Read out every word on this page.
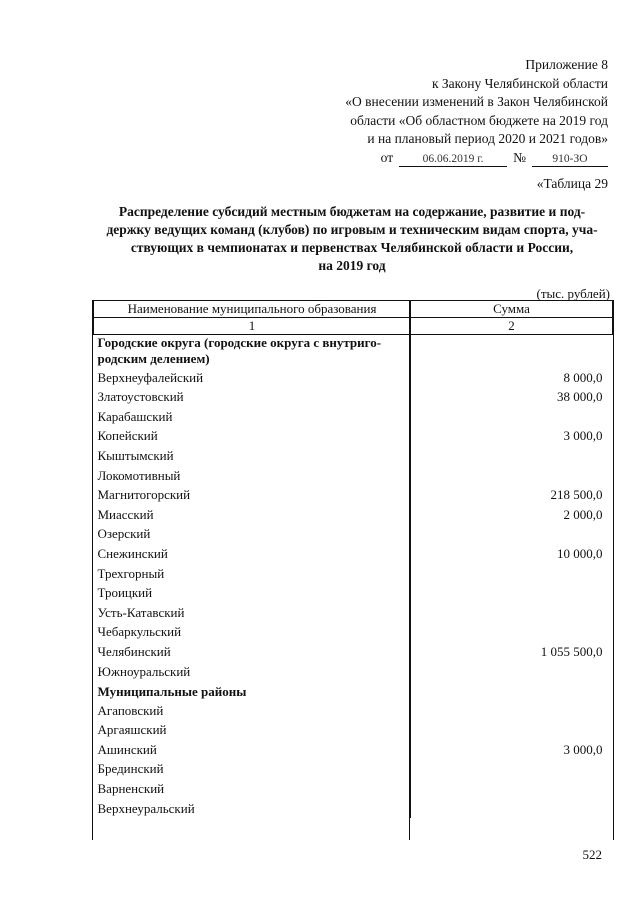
Приложение 8
к Закону Челябинской области
«О внесении изменений в Закон Челябинской
области «Об областном бюджете на 2019 год
и на плановый период 2020 и 2021 годов»
от	06.06.2019 г.	№	910-ЗО
«Таблица 29
Распределение субсидий местным бюджетам на содержание, развитие и под-
держку ведущих команд (клубов) по игровым и техническим видам спорта, уча-
ствующих в чемпионатах и первенствах Челябинской области и России,
на 2019 год
(тыс. рублей)
Наименование муниципального образования	Сумма
1	2
Городские округа (городские округа с внутриго-
родским делением)	
Верхнеуфалейский	8 000,0
Златоустовский	38 000,0
Карабашский	
Копейский	3 000,0
Кыштымский	
Локомотивный	
Магнитогорский	218 500,0
Миасский	2 000,0
Озерский	
Снежинский	10 000,0
Трехгорный	
Троицкий	
Усть-Катавский	
Чебаркульский	
Челябинский	1 055 500,0
Южноуральский	
Муниципальные районы	
Агаповский	
Аргаяшский	
Ашинский	3 000,0
Брединский	
Варненский	
Верхнеуральский	
522
